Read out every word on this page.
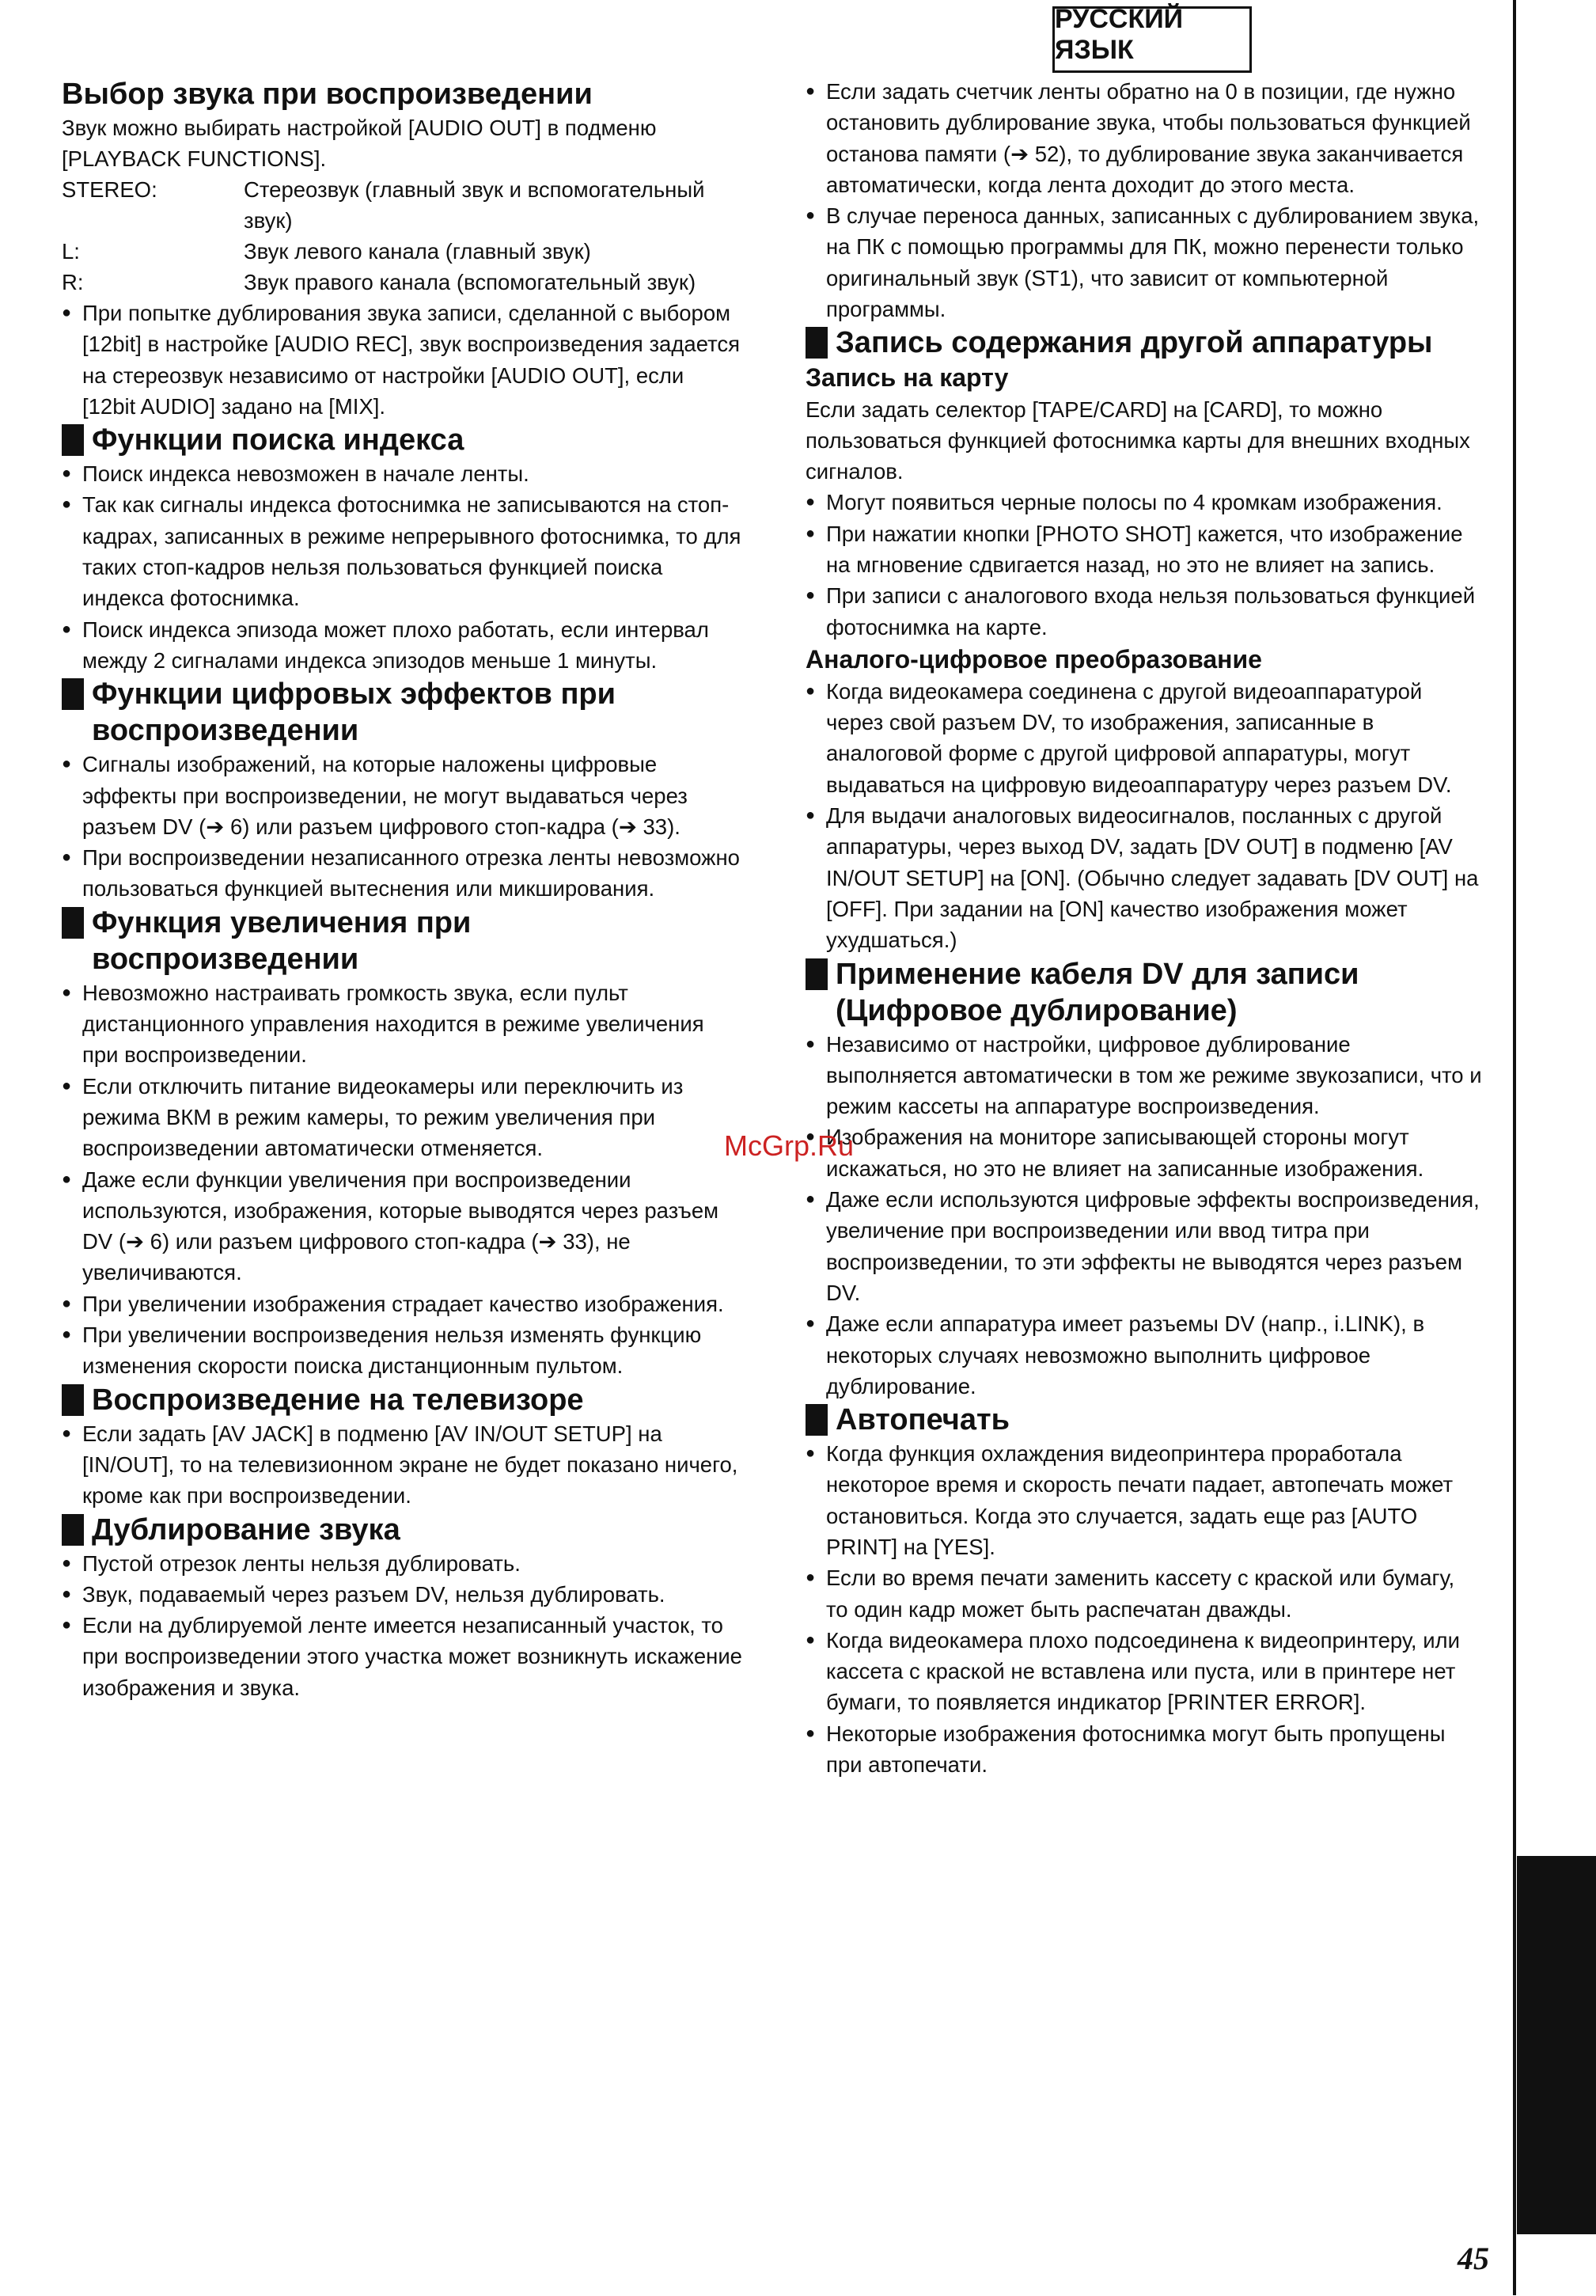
РУССКИЙ ЯЗЫК
Выбор звука при воспроизведении

Звук можно выбирать настройкой [AUDIO OUT] в подменю [PLAYBACK FUNCTIONS].

STEREO:	Стереозвук (главный звук и вспомогательный звук)
L:	Звук левого канала (главный звук)
R:	Звук правого канала (вспомогательный звук)
● При попытке дублирования звука записи, сделанной с выбором [12bit] в настройке [AUDIO REC], звук воспроизведения задается на стереозвук независимо от настройки [AUDIO OUT], если [12bit AUDIO] задано на [MIX].
Функции поиска индекса
● Поиск индекса невозможен в начале ленты.
● Так как сигналы индекса фотоснимка не записываются на стоп-кадрах, записанных в режиме непрерывного фотоснимка, то для таких стоп-кадров нельзя пользоваться функцией поиска индекса фотоснимка.
● Поиск индекса эпизода может плохо работать, если интервал между 2 сигналами индекса эпизодов меньше 1 минуты.
Функции цифровых эффектов при воспроизведении
● Сигналы изображений, на которые наложены цифровые эффекты при воспроизведении, не могут выдаваться через разъем DV (➔ 6) или разъем цифрового стоп-кадра (➔ 33).
● При воспроизведении незаписанного отрезка ленты невозможно пользоваться функцией вытеснения или микширования.
Функция увеличения при воспроизведении
● Невозможно настраивать громкость звука, если пульт дистанционного управления находится в режиме увеличения при воспроизведении.
● Если отключить питание видеокамеры или переключить из режима ВКМ в режим камеры, то режим увеличения при воспроизведении автоматически отменяется.
● Даже если функции увеличения при воспроизведении используются, изображения, которые выводятся через разъем DV (➔ 6) или разъем цифрового стоп-кадра (➔ 33), не увеличиваются.
● При увеличении изображения страдает качество изображения.
● При увеличении воспроизведения нельзя изменять функцию изменения скорости поиска дистанционным пультом.
Воспроизведение на телевизоре
● Если задать [AV JACK] в подменю [AV IN/OUT SETUP] на [IN/OUT], то на телевизионном экране не будет показано ничего, кроме как при воспроизведении.
Дублирование звука
● Пустой отрезок ленты нельзя дублировать.
● Звук, подаваемый через разъем DV, нельзя дублировать.
● Если на дублируемой ленте имеется незаписанный участок, то при воспроизведении этого участка может возникнуть искажение изображения и звука.
● Если задать счетчик ленты обратно на 0 в позиции, где нужно остановить дублирование звука, чтобы пользоваться функцией останова памяти (➔ 52), то дублирование звука заканчивается автоматически, когда лента доходит до этого места.
● В случае переноса данных, записанных с дублированием звука, на ПК с помощью программы для ПК, можно перенести только оригинальный звук (ST1), что зависит от компьютерной программы.
Запись содержания другой аппаратуры
Запись на карту

Если задать селектор [TAPE/CARD] на [CARD], то можно пользоваться функцией фотоснимка карты для внешних входных сигналов.

● Могут появиться черные полосы по 4 кромкам изображения.
● При нажатии кнопки [PHOTO SHOT] кажется, что изображение на мгновение сдвигается назад, но это не влияет на запись.
● При записи с аналогового входа нельзя пользоваться функцией фотоснимка на карте.
Аналого-цифровое преобразование
● Когда видеокамера соединена с другой видеоаппаратурой через свой разъем DV, то изображения, записанные в аналоговой форме с другой цифровой аппаратуры, могут выдаваться на цифровую видеоаппаратуру через разъем DV.
● Для выдачи аналоговых видеосигналов, посланных с другой аппаратуры, через выход DV, задать [DV OUT] в подменю [AV IN/OUT SETUP] на [ON]. (Обычно следует задавать [DV OUT] на [OFF]. При задании на [ON] качество изображения может ухудшаться.)
Применение кабеля DV для записи (Цифровое дублирование)
● Независимо от настройки, цифровое дублирование выполняется автоматически в том же режиме звукозаписи, что и режим кассеты на аппаратуре воспроизведения.
● Изображения на мониторе записывающей стороны могут искажаться, но это не влияет на записанные изображения.
● Даже если используются цифровые эффекты воспроизведения, увеличение при воспроизведении или ввод титра при воспроизведении, то эти эффекты не выводятся через разъем DV.
● Даже если аппаратура имеет разъемы DV (напр., i.LINK), в некоторых случаях невозможно выполнить цифровое дублирование.
Автопечать
● Когда функция охлаждения видеопринтера проработала некоторое время и скорость печати падает, автопечать может остановиться. Когда это случается, задать еще раз [AUTO PRINT] на [YES].
● Если во время печати заменить кассету с краской или бумагу, то один кадр может быть распечатан дважды.
● Когда видеокамера плохо подсоединена к видеопринтеру, или кассета с краской не вставлена или пуста, или в принтере нет бумаги, то появляется индикатор [PRINTER ERROR].
● Некоторые изображения фотоснимка могут быть пропущены при автопечати.
McGrp.Ru
45
